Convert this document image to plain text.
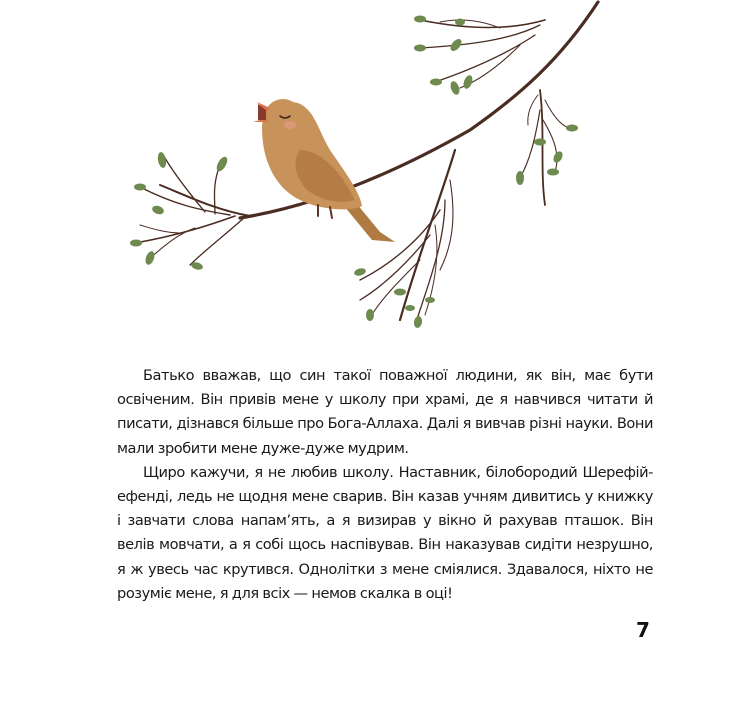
Батько вважав, що син такої поважної людини, як він, має бути освіченим. Він привів мене у школу при храмі, де я навчився читати й писати, дізнався більше про Бога-Аллаха. Далі я вивчав різні науки. Вони мали зробити мене дуже-дуже мудрим.

Щиро кажучи, я не любив школу. Наставник, білобородий Шерефій-ефенді, ледь не щодня мене сварив. Він казав учням дивитись у книжку і завчати слова напам’ять, а я визирав у вікно й рахував пташок. Він велів мовчати, а я собі щось наспівував. Він наказував сидіти незрушно, я ж увесь час крутився. Однолітки з мене сміялися. Здавалося, ніхто не розуміє мене, я для всіх — немов скалка в оці!

7
